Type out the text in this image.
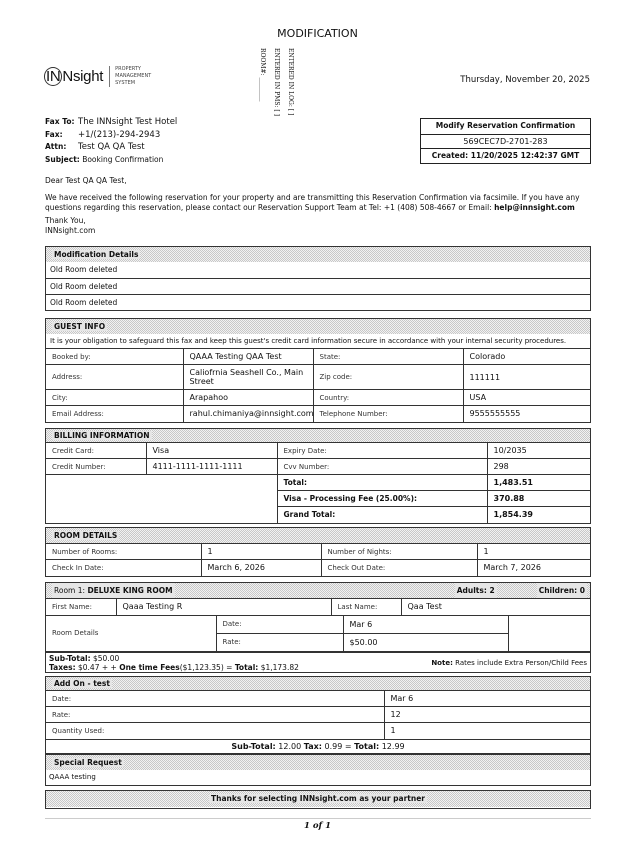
MODIFICATION
IN Nsight PROPERTY
MANAGEMENT
SYSTEM	ROOM#: ________ ENTERED IN PMS: [ ] ENTERED IN LOG: [ ]	Thursday, November 20, 2025
Fax To: The INNsight Test Hotel
Fax: +1/(213)-294-2943
Attn: Test QA QA Test
Subject: Booking Confirmation
Modify Reservation Confirmation
569CEC7D-2701-283
Created: 11/20/2025 12:42:37 GMT
Dear Test QA QA Test,
We have received the following reservation for your property and are transmitting this Reservation Confirmation via facsimile. If you have any questions regarding this reservation, please contact our Reservation Support Team at Tel: +1 (408) 508-4667 or Email: help@innsight.com
Thank You,
INNsight.com
Modification Details
Old Room deleted
Old Room deleted
Old Room deleted
GUEST INFO
It is your obligation to safeguard this fax and keep this guest's credit card information secure in accordance with your internal security procedures.
Booked by:	QAAA Testing QAA Test	State:	Colorado
Address:	Caliofrnia Seashell Co., Main Street	Zip code:	111111
City:	Arapahoo	Country:	USA
Email Address:	rahul.chimaniya@innsight.com	Telephone Number:	9555555555
BILLING INFORMATION
Credit Card:	Visa	Expiry Date:	10/2035
Credit Number:	4111-1111-1111-1111	Cvv Number:	298
		Total:	1,483.51
		Visa - Processing Fee (25.00%):	370.88
		Grand Total:	1,854.39
ROOM DETAILS
Number of Rooms:	1	Number of Nights:	1
Check In Date:	March 6, 2026	Check Out Date:	March 7, 2026
Room 1: DELUXE KING ROOM	Adults: 2	Children: 0
First Name:	Qaaa Testing R	Last Name:	Qaa Test
Room Details	Date:	Mar 6	
	Rate:	$50.00	
Sub-Total: $50.00
Taxes: $0.47 + + One time Fees($1,123.35) = Total: $1,173.82	Note: Rates include Extra Person/Child Fees
Add On - test
Date:	Mar 6
Rate:	12
Quantity Used:	1
Sub-Total: 12.00 Tax: 0.99 = Total: 12.99
Special Request
QAAA testing
Thanks for selecting INNsight.com as your partner
1 of 1
